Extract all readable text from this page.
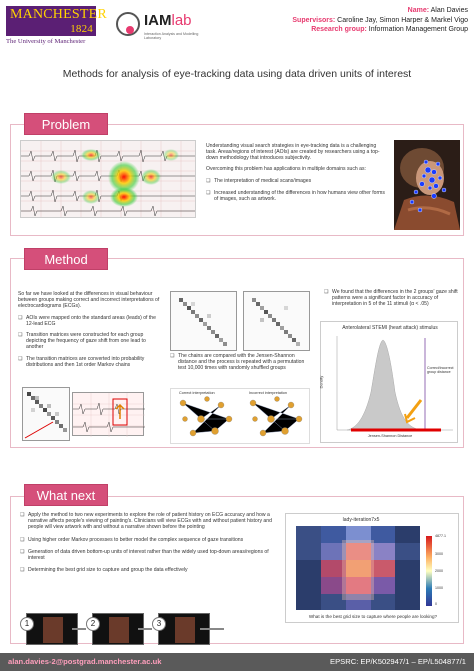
MANCHESTER
1824
The University of Manchester
IAMlab
Interaction Analysis and Modelling Laboratory
Name: Alan Davies
Supervisors: Caroline Jay, Simon Harper & Markel Vigo
Research group: Information Management Group
Methods for analysis of eye-tracking data using data driven units of interest
Problem
Understanding visual search strategies in eye-tracking data is a challenging task. Areas/regions of interest (AOIs) are created by researchers using a top-down methodology that introduces subjectivity.
Overcoming this problem has applications in multiple domains such as:
❑ The interpretation of medical scans/images
❑ Increased understanding of the differences in how humans view other forms of images, such as artwork.
Method
So far we have looked at the differences in visual behaviour between groups making correct and incorrect interpretations of electrocardiograms (ECGs).
❑ AOIs were mapped onto the standard areas (leads) of the 12-lead ECG
❑ Transition matrices were constructed for each group depicting the frequency of gaze shift from one lead to another
❑ The transition matrices are converted into probability distributions and then 1st order Markov chains
❑ The chains are compared with the Jensen-Shannon distance and the process is repeated with a permutation test 10,000 times with randomly shuffled groups
Correct interpretation	Incorrect interpretation
❑ We found that the differences in the 2 groups' gaze shift patterns were a significant factor in accuracy of interpretation in 5 of the 11 stimuli (α < .05)
Anterolateral STEMI (heart attack) stimulus
Density
Jensen-Shannon Distance
Correct/incorrect group distance
What next
❑ Apply the method to two new experiments to explore the role of patient history on ECG accuracy and how a narrative affects people's viewing of painting's. Clinicians will view ECGs with and without patient history and people will view artwork with and without a narrative shown before the pointing
❑ Using higher order Markov processes to better model the complex sequence of gaze transitions
❑ Generation of data driven bottom-up units of interest rather than the widely used top-down areas/regions of interest
❑ Determining the best grid size to capture and group the data effectively
1	2	3
lady-iteration7x5
4877.1
3000
2000
1000
0
What is the best grid size to capture where people are looking?
alan.davies-2@postgrad.manchester.ac.uk	EPSRC: EP/K502947/1 – EP/L504877/1
